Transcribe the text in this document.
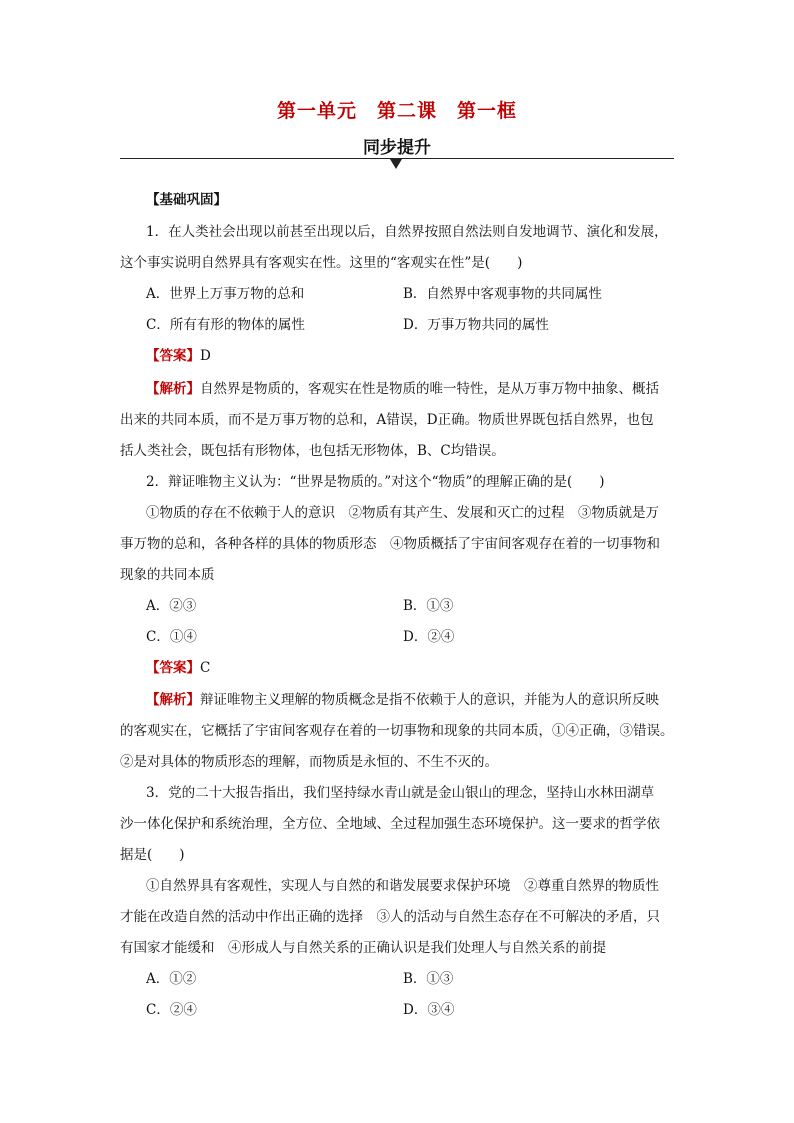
第一单元　第二课　第一框
同步提升
【基础巩固】
1．在人类社会出现以前甚至出现以后，自然界按照自然法则自发地调节、演化和发展，
这个事实说明自然界具有客观实在性。这里的“客观实在性”是(　　)
A．世界上万事万物的总和	B．自然界中客观事物的共同属性
C．所有有形的物体的属性	D．万事万物共同的属性
【答案】D
【解析】自然界是物质的，客观实在性是物质的唯一特性，是从万事万物中抽象、概括
出来的共同本质，而不是万事万物的总和，A错误，D正确。物质世界既包括自然界，也包
括人类社会，既包括有形物体，也包括无形物体，B、C均错误。
2．辩证唯物主义认为：“世界是物质的。”对这个“物质”的理解正确的是(　　)
①物质的存在不依赖于人的意识　②物质有其产生、发展和灭亡的过程　③物质就是万
事万物的总和，各种各样的具体的物质形态　④物质概括了宇宙间客观存在着的一切事物和
现象的共同本质
A．②③	B．①③
C．①④	D．②④
【答案】C
【解析】辩证唯物主义理解的物质概念是指不依赖于人的意识，并能为人的意识所反映
的客观实在，它概括了宇宙间客观存在着的一切事物和现象的共同本质，①④正确，③错误。
②是对具体的物质形态的理解，而物质是永恒的、不生不灭的。
3．党的二十大报告指出，我们坚持绿水青山就是金山银山的理念，坚持山水林田湖草
沙一体化保护和系统治理，全方位、全地域、全过程加强生态环境保护。这一要求的哲学依
据是(　　)
①自然界具有客观性，实现人与自然的和谐发展要求保护环境　②尊重自然界的物质性
才能在改造自然的活动中作出正确的选择　③人的活动与自然生态存在不可解决的矛盾，只
有国家才能缓和　④形成人与自然关系的正确认识是我们处理人与自然关系的前提
A．①②	B．①③
C．②④	D．③④
